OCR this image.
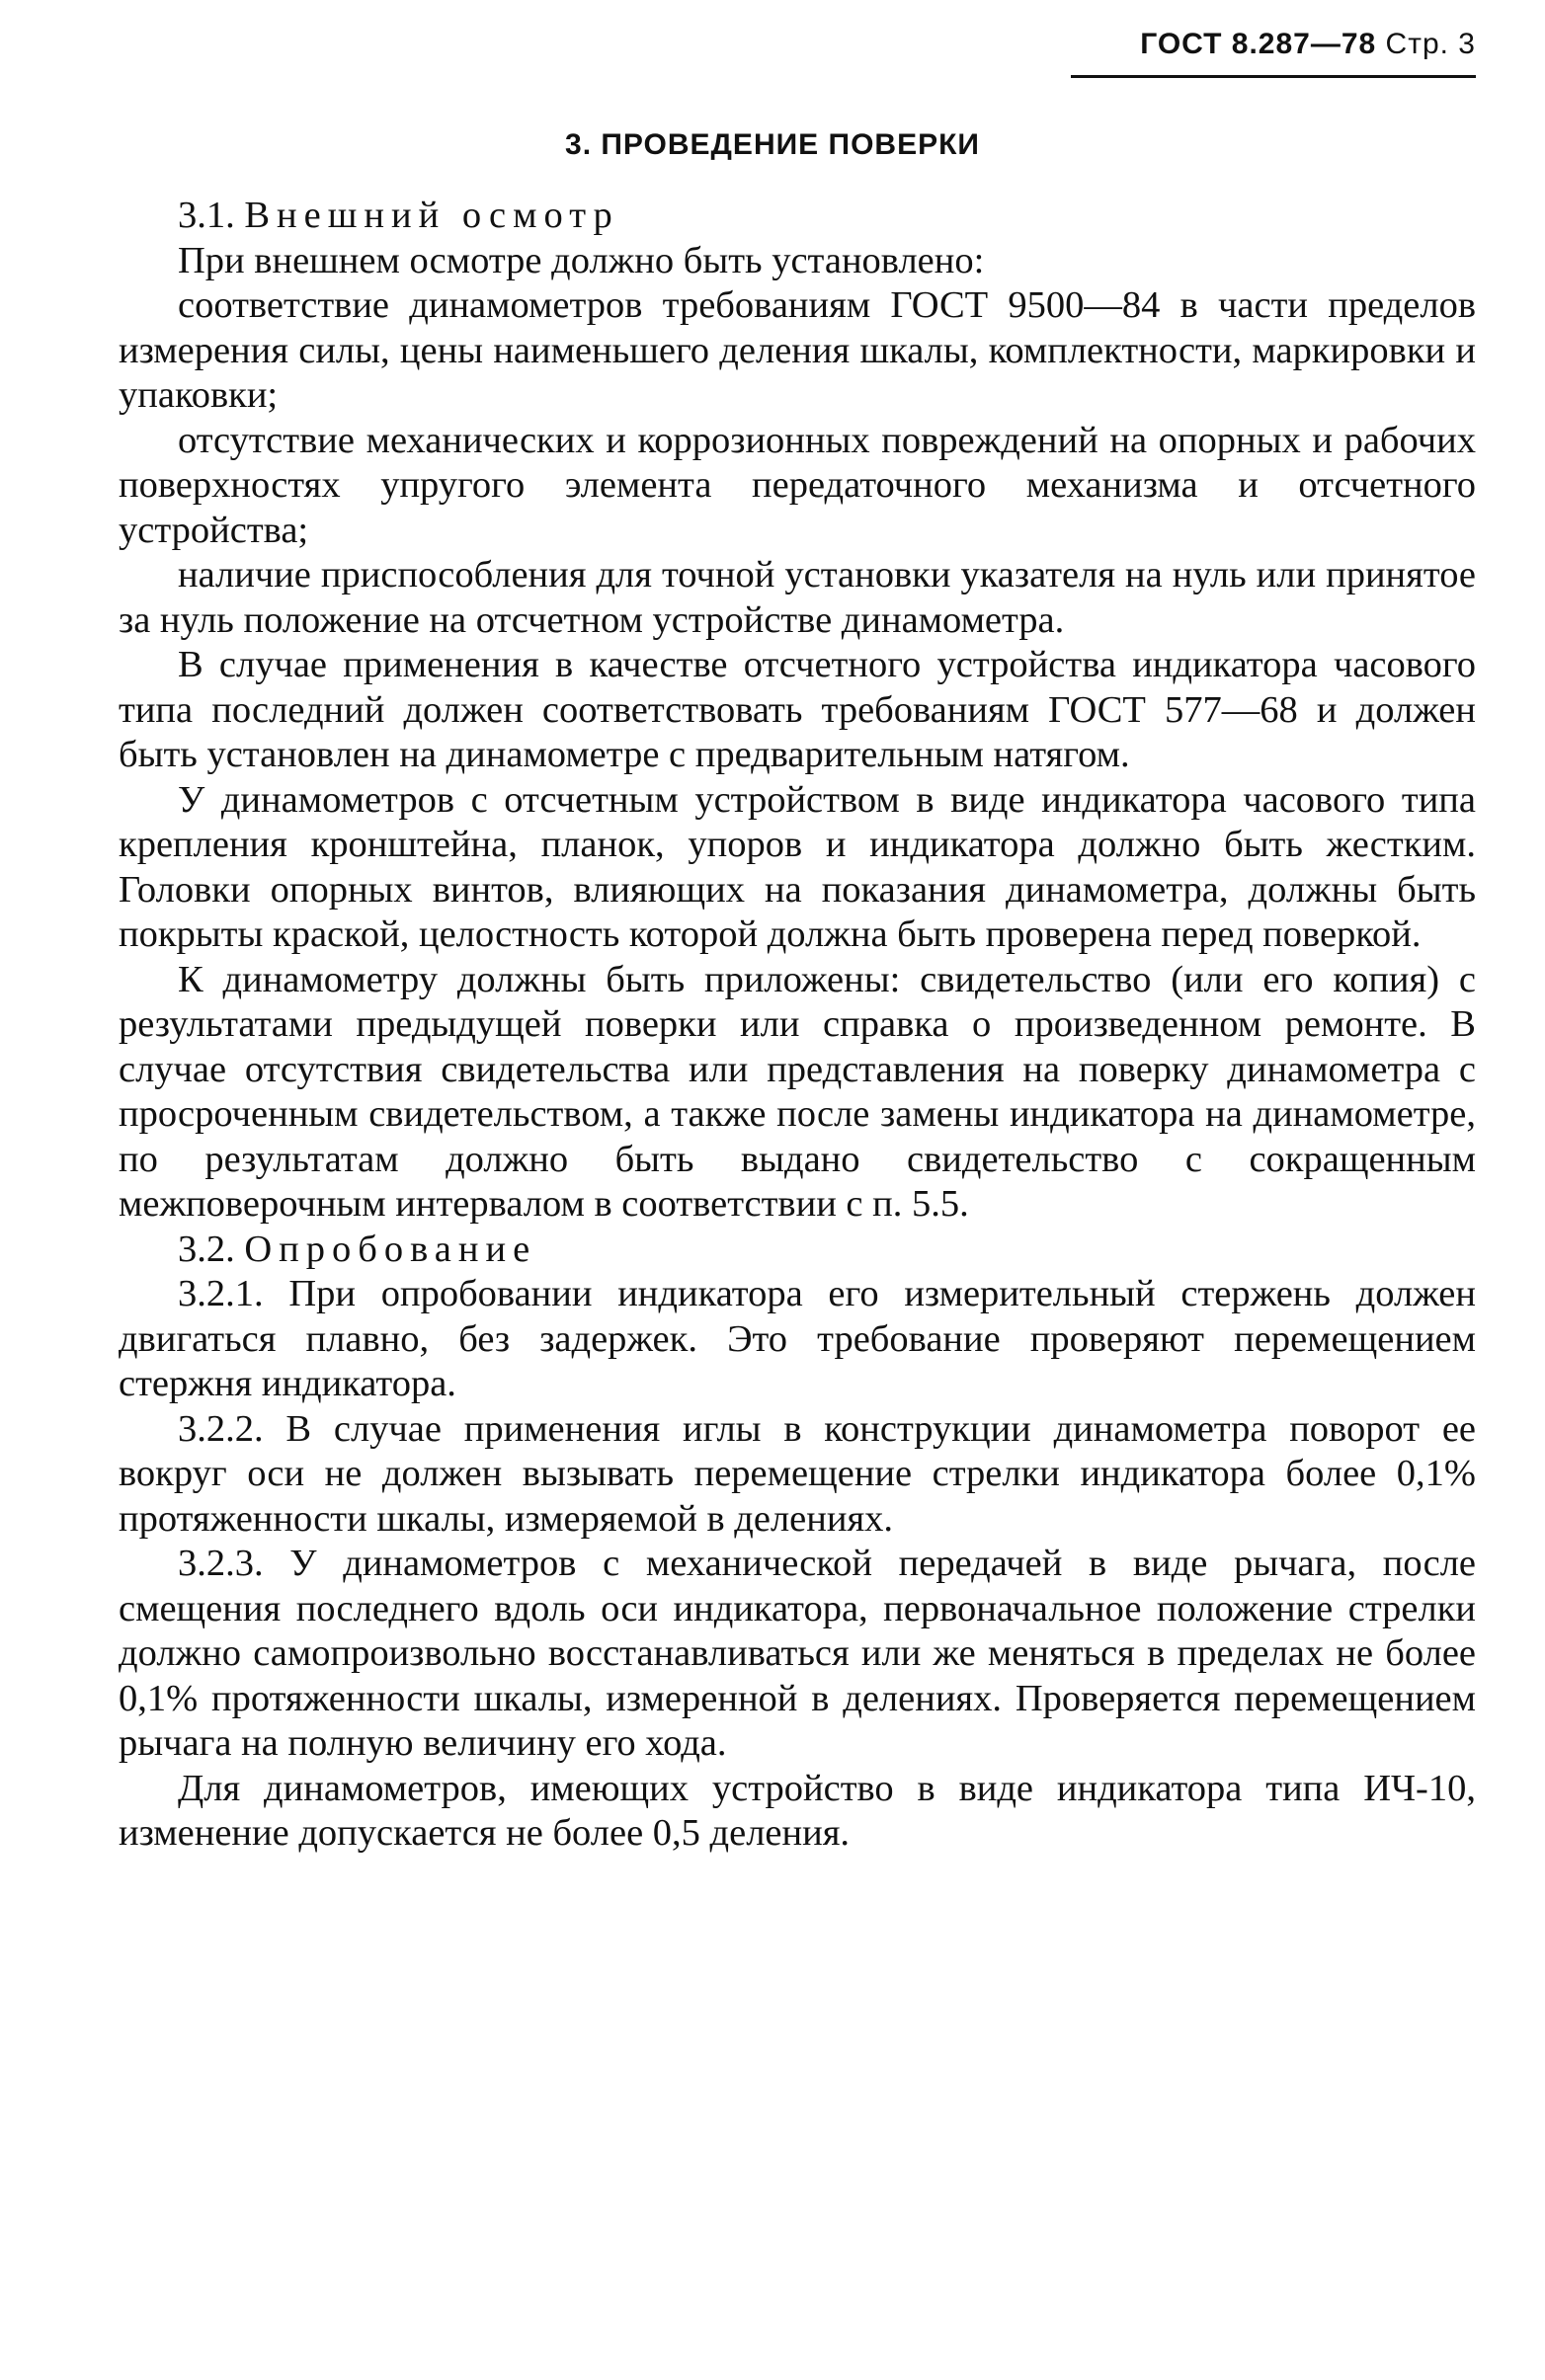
ГОСТ 8.287—78 Стр. 3
3. ПРОВЕДЕНИЕ ПОВЕРКИ
3.1. Внешний осмотр

При внешнем осмотре должно быть установлено:

соответствие динамометров требованиям ГОСТ 9500—84 в части пределов измерения силы, цены наименьшего деления шкалы, комплектности, маркировки и упаковки;

отсутствие механических и коррозионных повреждений на опорных и рабочих поверхностях упругого элемента передаточного механизма и отсчетного устройства;

наличие приспособления для точной установки указателя на нуль или принятое за нуль положение на отсчетном устройстве динамометра.

В случае применения в качестве отсчетного устройства индикатора часового типа последний должен соответствовать требованиям ГОСТ 577—68 и должен быть установлен на динамометре с предварительным натягом.

У динамометров с отсчетным устройством в виде индикатора часового типа крепления кронштейна, планок, упоров и индикатора должно быть жестким. Головки опорных винтов, влияющих на показания динамометра, должны быть покрыты краской, целостность которой должна быть проверена перед поверкой.

К динамометру должны быть приложены: свидетельство (или его копия) с результатами предыдущей поверки или справка о произведенном ремонте. В случае отсутствия свидетельства или представления на поверку динамометра с просроченным свидетельством, а также после замены индикатора на динамометре, по результатам должно быть выдано свидетельство с сокращенным межповерочным интервалом в соответствии с п. 5.5.

3.2. Опробование

3.2.1. При опробовании индикатора его измерительный стержень должен двигаться плавно, без задержек. Это требование проверяют перемещением стержня индикатора.

3.2.2. В случае применения иглы в конструкции динамометра поворот ее вокруг оси не должен вызывать перемещение стрелки индикатора более 0,1% протяженности шкалы, измеряемой в делениях.

3.2.3. У динамометров с механической передачей в виде рычага, после смещения последнего вдоль оси индикатора, первоначальное положение стрелки должно самопроизвольно восстанавливаться или же меняться в пределах не более 0,1% протяженности шкалы, измеренной в делениях. Проверяется перемещением рычага на полную величину его хода.

Для динамометров, имеющих устройство в виде индикатора типа ИЧ-10, изменение допускается не более 0,5 деления.
